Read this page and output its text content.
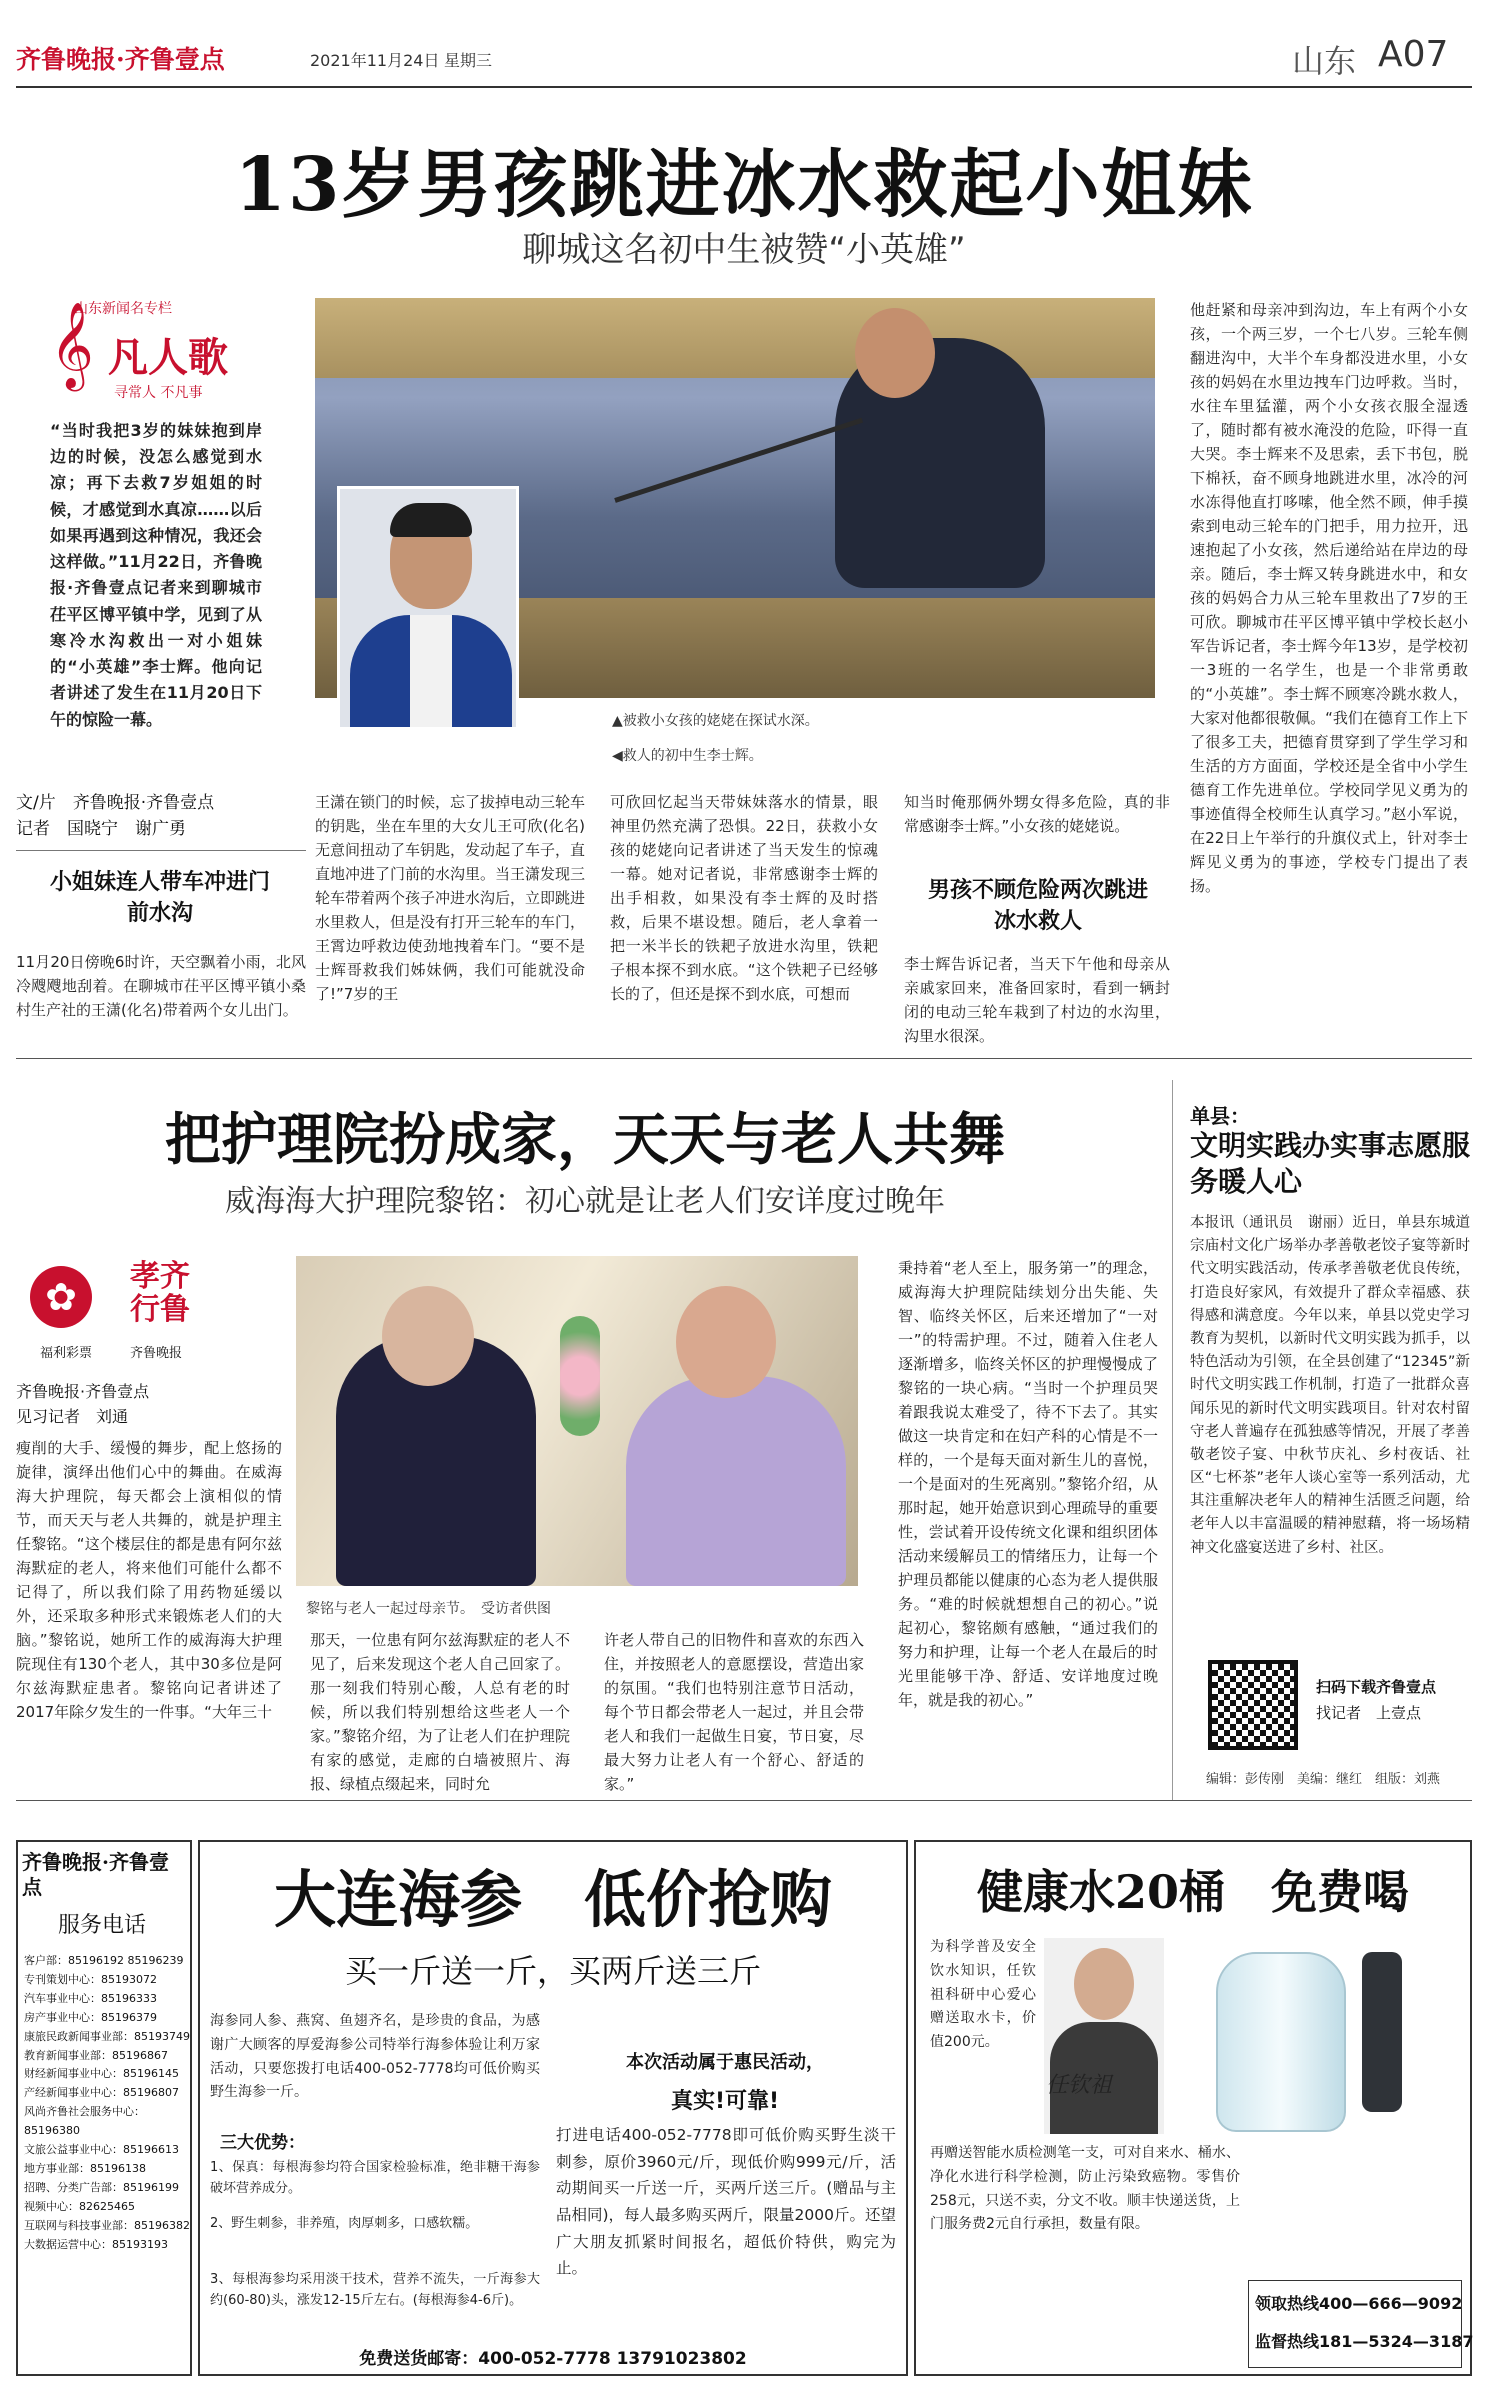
齐鲁晚报·齐鲁壹点	2021年11月24日 星期三	山东 A07
13岁男孩跳进冰水救起小姐妹
聊城这名初中生被赞“小英雄”
山东新闻名专栏
𝄞 凡人歌
寻常人 不凡事
“当时我把3岁的妹妹抱到岸边的时候，没怎么感觉到水凉；再下去救7岁姐姐的时候，才感觉到水真凉……以后如果再遇到这种情况，我还会这样做。”11月22日，齐鲁晚报·齐鲁壹点记者来到聊城市茌平区博平镇中学，见到了从寒冷水沟救出一对小姐妹的“小英雄”李士辉。他向记者讲述了发生在11月20日下午的惊险一幕。
文/片　齐鲁晚报·齐鲁壹点
记者　国晓宁　谢广勇
小姐妹连人带车冲进门前水沟
11月20日傍晚6时许，天空飘着小雨，北风冷飕飕地刮着。在聊城市茌平区博平镇小桑村生产社的王潇(化名)带着两个女儿出门。
▲被救小女孩的姥姥在探试水深。
◀救人的初中生李士辉。
王潇在锁门的时候，忘了拔掉电动三轮车的钥匙，坐在车里的大女儿王可欣(化名)无意间扭动了车钥匙，发动起了车子，直直地冲进了门前的水沟里。当王潇发现三轮车带着两个孩子冲进水沟后，立即跳进水里救人，但是没有打开三轮车的车门，王霄边呼救边使劲地拽着车门。“要不是士辉哥救我们姊妹俩，我们可能就没命了!”7岁的王
可欣回忆起当天带妹妹落水的情景，眼神里仍然充满了恐惧。22日，获救小女孩的姥姥向记者讲述了当天发生的惊魂一幕。她对记者说，非常感谢李士辉的出手相救，如果没有李士辉的及时搭救，后果不堪设想。随后，老人拿着一把一米半长的铁耙子放进水沟里，铁耙子根本探不到水底。“这个铁耙子已经够长的了，但还是探不到水底，可想而
知当时俺那俩外甥女得多危险，真的非常感谢李士辉。”小女孩的姥姥说。
男孩不顾危险两次跳进冰水救人
李士辉告诉记者，当天下午他和母亲从亲戚家回来，准备回家时，看到一辆封闭的电动三轮车栽到了村边的水沟里，沟里水很深。
他赶紧和母亲冲到沟边，车上有两个小女孩，一个两三岁，一个七八岁。三轮车侧翻进沟中，大半个车身都没进水里，小女孩的妈妈在水里边拽车门边呼救。当时，水往车里猛灌，两个小女孩衣服全湿透了，随时都有被水淹没的危险，吓得一直大哭。李士辉来不及思索，丢下书包，脱下棉袄，奋不顾身地跳进水里，冰冷的河水冻得他直打哆嗦，他全然不顾，伸手摸索到电动三轮车的门把手，用力拉开，迅速抱起了小女孩，然后递给站在岸边的母亲。随后，李士辉又转身跳进水中，和女孩的妈妈合力从三轮车里救出了7岁的王可欣。聊城市茌平区博平镇中学校长赵小军告诉记者，李士辉今年13岁，是学校初一3班的一名学生，也是一个非常勇敢的“小英雄”。李士辉不顾寒冷跳水救人，大家对他都很敬佩。“我们在德育工作上下了很多工夫，把德育贯穿到了学生学习和生活的方方面面，学校还是全省中小学生德育工作先进单位。学校同学见义勇为的事迹值得全校师生认真学习。”赵小军说，在22日上午举行的升旗仪式上，针对李士辉见义勇为的事迹，学校专门提出了表扬。
把护理院扮成家，天天与老人共舞
威海海大护理院黎铭：初心就是让老人们安详度过晚年
✿	孝齐行鲁
福利彩票	齐鲁晚报
齐鲁晚报·齐鲁壹点
见习记者　刘通
瘦削的大手、缓慢的舞步，配上悠扬的旋律，演绎出他们心中的舞曲。在威海海大护理院，每天都会上演相似的情节，而天天与老人共舞的，就是护理主任黎铭。“这个楼层住的都是患有阿尔兹海默症的老人，将来他们可能什么都不记得了，所以我们除了用药物延缓以外，还采取多种形式来锻炼老人们的大脑。”黎铭说，她所工作的威海海大护理院现住有130个老人，其中30多位是阿尔兹海默症患者。黎铭向记者讲述了2017年除夕发生的一件事。“大年三十
黎铭与老人一起过母亲节。　受访者供图
那天，一位患有阿尔兹海默症的老人不见了，后来发现这个老人自己回家了。那一刻我们特别心酸，人总有老的时候，所以我们特别想给这些老人一个家。”黎铭介绍，为了让老人们在护理院有家的感觉，走廊的白墙被照片、海报、绿植点缀起来，同时允
许老人带自己的旧物件和喜欢的东西入住，并按照老人的意愿摆设，营造出家的氛围。“我们也特别注意节日活动，每个节日都会带老人一起过，并且会带老人和我们一起做生日宴，节日宴，尽最大努力让老人有一个舒心、舒适的家。”
秉持着“老人至上，服务第一”的理念，威海海大护理院陆续划分出失能、失智、临终关怀区，后来还增加了“一对一”的特需护理。不过，随着入住老人逐渐增多，临终关怀区的护理慢慢成了黎铭的一块心病。“当时一个护理员哭着跟我说太难受了，待不下去了。其实做这一块肯定和在妇产科的心情是不一样的，一个是每天面对新生儿的喜悦，一个是面对的生死离别。”黎铭介绍，从那时起，她开始意识到心理疏导的重要性，尝试着开设传统文化课和组织团体活动来缓解员工的情绪压力，让每一个护理员都能以健康的心态为老人提供服务。“难的时候就想想自己的初心。”说起初心，黎铭颇有感触，“通过我们的努力和护理，让每一个老人在最后的时光里能够干净、舒适、安详地度过晚年，就是我的初心。”
单县：
文明实践办实事志愿服务暖人心
本报讯（通讯员　谢丽）近日，单县东城道宗庙村文化广场举办孝善敬老饺子宴等新时代文明实践活动，传承孝善敬老优良传统，打造良好家风，有效提升了群众幸福感、获得感和满意度。今年以来，单县以党史学习教育为契机，以新时代文明实践为抓手，以特色活动为引领，在全县创建了“12345”新时代文明实践工作机制，打造了一批群众喜闻乐见的新时代文明实践项目。针对农村留守老人普遍存在孤独感等情况，开展了孝善敬老饺子宴、中秋节庆礼、乡村夜话、社区“七杯茶”老年人谈心室等一系列活动，尤其注重解决老年人的精神生活匮乏问题，给老年人以丰富温暖的精神慰藉，将一场场精神文化盛宴送进了乡村、社区。
扫码下载齐鲁壹点
找记者　上壹点
编辑：彭传刚　美编：继红　组版：刘燕
齐鲁晚报·齐鲁壹点
服务电话
客户部：85196192 85196239
专刊策划中心：85193072
汽车事业中心：85196333
房产事业中心：85196379
康旅民政新闻事业部：85193749
教育新闻事业部：85196867
财经新闻事业中心：85196145
产经新闻事业中心：85196807
风尚齐鲁社会服务中心：85196380
文旅公益事业中心：85196613
地方事业部：85196138
招聘、分类广告部：85196199
视频中心：82625465
互联网与科技事业部：85196382
大数据运营中心：85193193
大连海参　低价抢购
买一斤送一斤，买两斤送三斤
海参同人参、燕窝、鱼翅齐名，是珍贵的食品，为感谢广大顾客的厚爱海参公司特举行海参体验让利万家活动，只要您拨打电话400-052-7778均可低价购买野生海参一斤。
三大优势：
1、保真：每根海参均符合国家检验标准，绝非糖干海参破坏营养成分。
2、野生刺参，非养殖，肉厚刺多，口感软糯。
3、每根海参均采用淡干技术，营养不流失，一斤海参大约(60-80)头，涨发12-15斤左右。(每根海参4-6斤)。
本次活动属于惠民活动，
真实!可靠!
打进电话400-052-7778即可低价购买野生淡干刺参，原价3960元/斤，现低价购999元/斤，活动期间买一斤送一斤，买两斤送三斤。(赠品与主品相同)，每人最多购买两斤，限量2000斤。还望广大朋友抓紧时间报名，超低价特供，购完为止。
免费送货邮寄：400-052-7778 13791023802
健康水20桶　免费喝
为科学普及安全饮水知识，任钦祖科研中心爱心赠送取水卡，价值200元。
再赠送智能水质检测笔一支，可对自来水、桶水、净化水进行科学检测，防止污染致癌物。零售价258元，只送不卖，分文不收。顺丰快递送货，上门服务费2元自行承担，数量有限。
任钦祖
领取热线400—666—9092
监督热线181—5324—3187
